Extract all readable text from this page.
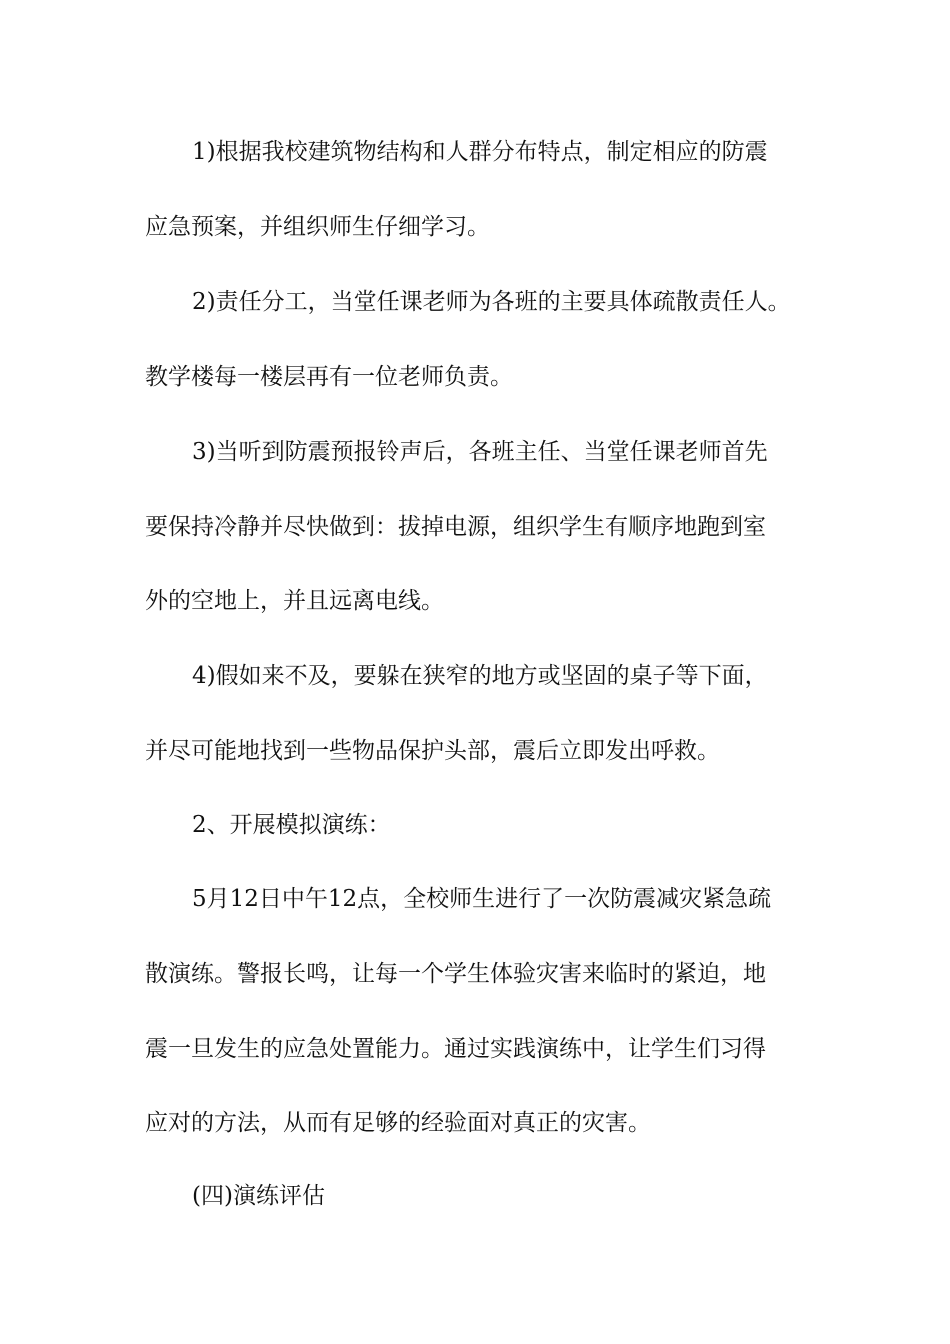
1)根据我校建筑物结构和人群分布特点，制定相应的防震
应急预案，并组织师生仔细学习。
2)责任分工，当堂任课老师为各班的主要具体疏散责任人。
教学楼每一楼层再有一位老师负责。
3)当听到防震预报铃声后，各班主任、当堂任课老师首先
要保持冷静并尽快做到：拔掉电源，组织学生有顺序地跑到室
外的空地上，并且远离电线。
4)假如来不及，要躲在狭窄的地方或坚固的桌子等下面，
并尽可能地找到一些物品保护头部，震后立即发出呼救。
2、开展模拟演练：
5月12日中午12点，全校师生进行了一次防震减灾紧急疏
散演练。警报长鸣，让每一个学生体验灾害来临时的紧迫，地
震一旦发生的应急处置能力。通过实践演练中，让学生们习得
应对的方法，从而有足够的经验面对真正的灾害。
(四)演练评估
